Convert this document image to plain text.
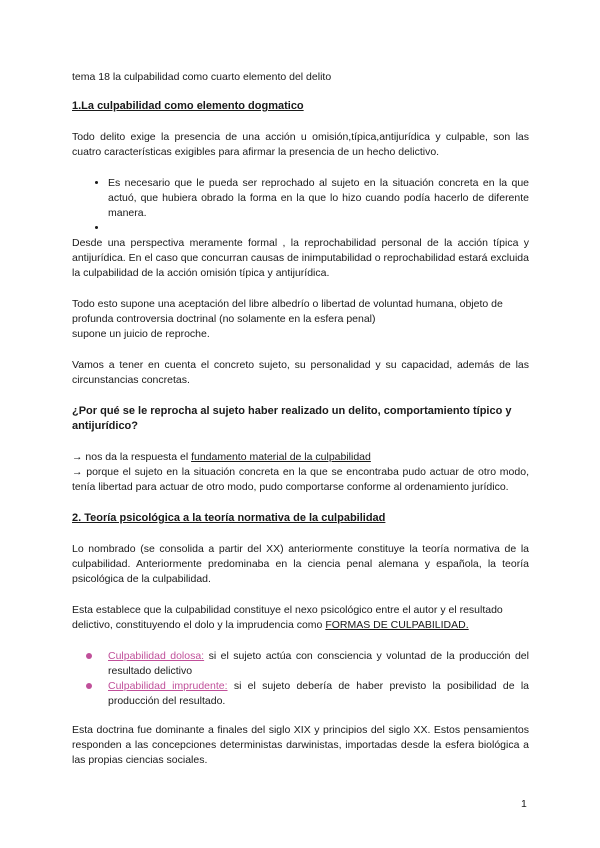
tema 18 la culpabilidad como cuarto elemento del delito

1.La culpabilidad como elemento dogmatico

Todo delito exige la presencia de una acción u omisión,típica,antijurídica y culpable, son las cuatro características exigibles para afirmar la presencia de un hecho delictivo.

• Es necesario que le pueda ser reprochado al sujeto en la situación concreta en la que actuó, que hubiera obrado la forma en la que lo hizo cuando podía hacerlo de diferente manera.
•

Desde una perspectiva meramente formal , la reprochabilidad personal de la acción típica y antijurídica. En el caso que concurran causas de inimputabilidad o reprochabilidad estará excluida la culpabilidad de la acción omisión típica y antijurídica.

Todo esto supone una aceptación del libre albedrío o libertad de voluntad humana, objeto de profunda controversia doctrinal (no solamente en la esfera penal)

supone un juicio de reproche.

Vamos a tener en cuenta el concreto sujeto, su personalidad y su capacidad, además de las circunstancias concretas.

¿Por qué se le reprocha al sujeto haber realizado un delito, comportamiento típico y antijurídico?

→ nos da la respuesta el fundamento material de la culpabilidad

→ porque el sujeto en la situación concreta en la que se encontraba pudo actuar de otro modo, tenía libertad para actuar de otro modo, pudo comportarse conforme al ordenamiento jurídico.

2. Teoría psicológica a la teoría normativa de la culpabilidad

Lo nombrado (se consolida a partir del XX) anteriormente constituye la teoría normativa de la culpabilidad. Anteriormente predominaba en la ciencia penal alemana y española, la teoría psicológica de la culpabilidad.

Esta establece que la culpabilidad constituye el nexo psicológico entre el autor y el resultado delictivo, constituyendo el dolo y la imprudencia como FORMAS DE CULPABILIDAD.

Culpabilidad dolosa: si el sujeto actúa con consciencia y voluntad de la producción del resultado delictivo
Culpabilidad imprudente: si el sujeto debería de haber previsto la posibilidad de la producción del resultado.

Esta doctrina fue dominante a finales del siglo XIX y principios del siglo XX. Estos pensamientos responden a las concepciones deterministas darwinistas, importadas desde la esfera biológica a las propias ciencias sociales.

1
